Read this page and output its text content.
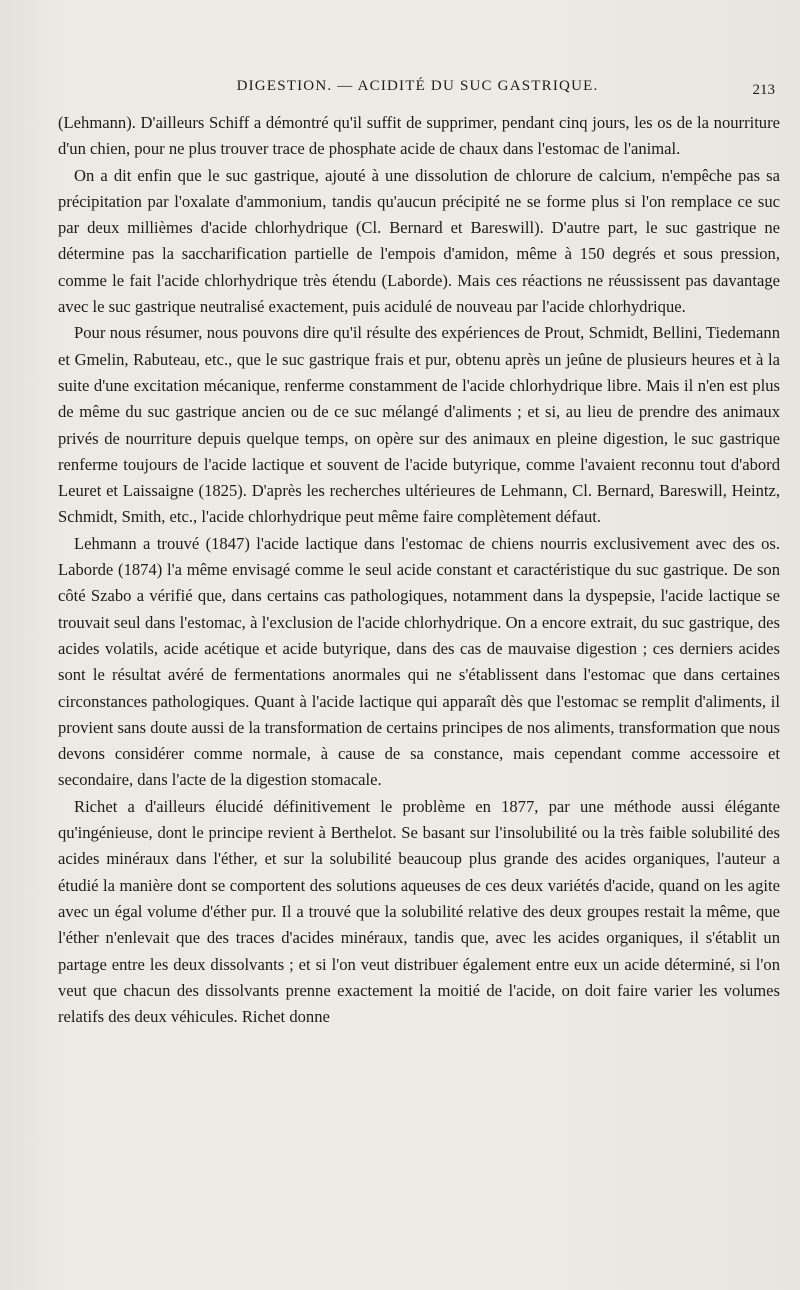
DIGESTION. — ACIDITÉ DU SUC GASTRIQUE.	213

(Lehmann). D'ailleurs Schiff a démontré qu'il suffit de supprimer, pendant cinq jours, les os de la nourriture d'un chien, pour ne plus trouver trace de phosphate acide de chaux dans l'estomac de l'animal.

On a dit enfin que le suc gastrique, ajouté à une dissolution de chlorure de calcium, n'empêche pas sa précipitation par l'oxalate d'ammonium, tandis qu'aucun précipité ne se forme plus si l'on remplace ce suc par deux millièmes d'acide chlorhydrique (Cl. Bernard et Bareswill). D'autre part, le suc gastrique ne détermine pas la saccharification partielle de l'empois d'amidon, même à 150 degrés et sous pression, comme le fait l'acide chlorhydrique très étendu (Laborde). Mais ces réactions ne réussissent pas davantage avec le suc gastrique neutralisé exactement, puis acidulé de nouveau par l'acide chlorhydrique.

Pour nous résumer, nous pouvons dire qu'il résulte des expériences de Prout, Schmidt, Bellini, Tiedemann et Gmelin, Rabuteau, etc., que le suc gastrique frais et pur, obtenu après un jeûne de plusieurs heures et à la suite d'une excitation mécanique, renferme constamment de l'acide chlorhydrique libre. Mais il n'en est plus de même du suc gastrique ancien ou de ce suc mélangé d'aliments ; et si, au lieu de prendre des animaux privés de nourriture depuis quelque temps, on opère sur des animaux en pleine digestion, le suc gastrique renferme toujours de l'acide lactique et souvent de l'acide butyrique, comme l'avaient reconnu tout d'abord Leuret et Laissaigne (1825). D'après les recherches ultérieures de Lehmann, Cl. Bernard, Bareswill, Heintz, Schmidt, Smith, etc., l'acide chlorhydrique peut même faire complètement défaut.

Lehmann a trouvé (1847) l'acide lactique dans l'estomac de chiens nourris exclusivement avec des os. Laborde (1874) l'a même envisagé comme le seul acide constant et caractéristique du suc gastrique. De son côté Szabo a vérifié que, dans certains cas pathologiques, notamment dans la dyspepsie, l'acide lactique se trouvait seul dans l'estomac, à l'exclusion de l'acide chlorhydrique. On a encore extrait, du suc gastrique, des acides volatils, acide acétique et acide butyrique, dans des cas de mauvaise digestion ; ces derniers acides sont le résultat avéré de fermentations anormales qui ne s'établissent dans l'estomac que dans certaines circonstances pathologiques. Quant à l'acide lactique qui apparaît dès que l'estomac se remplit d'aliments, il provient sans doute aussi de la transformation de certains principes de nos aliments, transformation que nous devons considérer comme normale, à cause de sa constance, mais cependant comme accessoire et secondaire, dans l'acte de la digestion stomacale.

Richet a d'ailleurs élucidé définitivement le problème en 1877, par une méthode aussi élégante qu'ingénieuse, dont le principe revient à Berthelot. Se basant sur l'insolubilité ou la très faible solubilité des acides minéraux dans l'éther, et sur la solubilité beaucoup plus grande des acides organiques, l'auteur a étudié la manière dont se comportent des solutions aqueuses de ces deux variétés d'acide, quand on les agite avec un égal volume d'éther pur. Il a trouvé que la solubilité relative des deux groupes restait la même, que l'éther n'enlevait que des traces d'acides minéraux, tandis que, avec les acides organiques, il s'établit un partage entre les deux dissolvants ; et si l'on veut distribuer également entre eux un acide déterminé, si l'on veut que chacun des dissolvants prenne exactement la moitié de l'acide, on doit faire varier les volumes relatifs des deux véhicules. Richet donne
